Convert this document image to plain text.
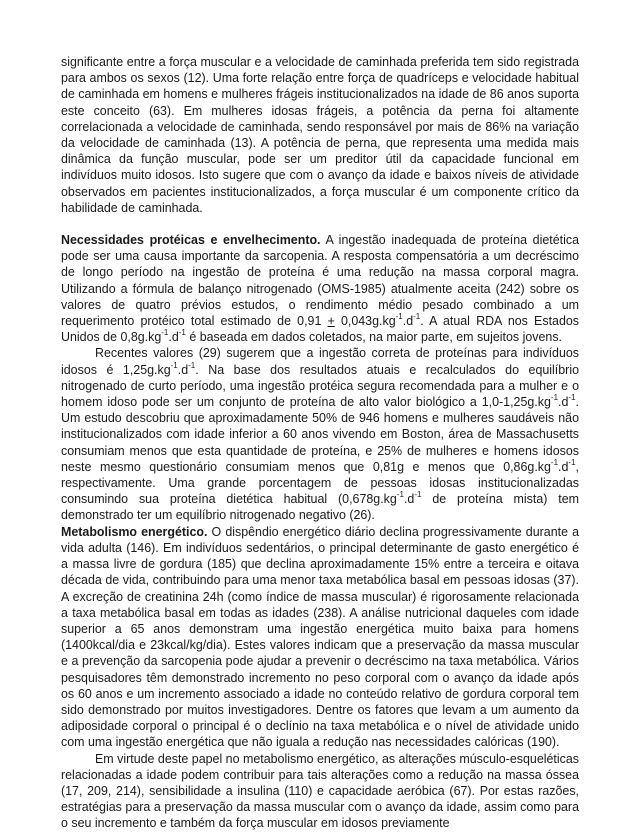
significante entre a força muscular e a velocidade de caminhada preferida tem sido registrada para ambos os sexos (12). Uma forte relação entre força de quadríceps e velocidade habitual de caminhada em homens e mulheres frágeis institucionalizados na idade de 86 anos suporta este conceito (63). Em mulheres idosas frágeis, a potência da perna foi altamente correlacionada a velocidade de caminhada, sendo responsável por mais de 86% na variação da velocidade de caminhada (13). A potência de perna, que representa uma medida mais dinâmica da função muscular, pode ser um preditor útil da capacidade funcional em indivíduos muito idosos. Isto sugere que com o avanço da idade e baixos níveis de atividade observados em pacientes institucionalizados, a força muscular é um componente crítico da habilidade de caminhada.

Necessidades protéicas e envelhecimento. A ingestão inadequada de proteína dietética pode ser uma causa importante da sarcopenia. A resposta compensatória a um decréscimo de longo período na ingestão de proteína é uma redução na massa corporal magra. Utilizando a fórmula de balanço nitrogenado (OMS-1985) atualmente aceita (242) sobre os valores de quatro prévios estudos, o rendimento médio pesado combinado a um requerimento protéico total estimado de $0,91 + 0,043g.kg^{-1}.d^{-1}$. A atual RDA nos Estados Unidos de $0,8g.kg^{-1}.d^{-1}$ é baseada em dados coletados, na maior parte, em sujeitos jovens.

Recentes valores (29) sugerem que a ingestão correta de proteínas para indivíduos idosos é $1,25g.kg^{-1}.d^{-1}$. Na base dos resultados atuais e recalculados do equilíbrio nitrogenado de curto período, uma ingestão protéica segura recomendada para a mulher e o homem idoso pode ser um conjunto de proteína de alto valor biológico a $1,0-1,25g.kg^{-1}.d^{-1}$. Um estudo descobriu que aproximadamente 50% de 946 homens e mulheres saudáveis não institucionalizados com idade inferior a 60 anos vivendo em Boston, área de Massachusetts consumiam menos que esta quantidade de proteína, e 25% de mulheres e homens idosos neste mesmo questionário consumiam menos que 0,81g e menos que $0,86g.kg^{-1}.d^{-1}$, respectivamente. Uma grande porcentagem de pessoas idosas institucionalizadas consumindo sua proteína dietética habitual ($0,678g.kg^{-1}.d^{-1}$ de proteína mista) tem demonstrado ter um equilíbrio nitrogenado negativo (26).

Metabolismo energético. O dispêndio energético diário declina progressivamente durante a vida adulta (146). Em indivíduos sedentários, o principal determinante de gasto energético é a massa livre de gordura (185) que declina aproximadamente 15% entre a terceira e oitava década de vida, contribuindo para uma menor taxa metabólica basal em pessoas idosas (37). A excreção de creatinina 24h (como índice de massa muscular) é rigorosamente relacionada a taxa metabólica basal em todas as idades (238). A análise nutricional daqueles com idade superior a 65 anos demonstram uma ingestão energética muito baixa para homens (1400kcal/dia e 23kcal/kg/dia). Estes valores indicam que a preservação da massa muscular e a prevenção da sarcopenia pode ajudar a prevenir o decréscimo na taxa metabólica. Vários pesquisadores têm demonstrado incremento no peso corporal com o avanço da idade após os 60 anos e um incremento associado a idade no conteúdo relativo de gordura corporal tem sido demonstrado por muitos investigadores. Dentre os fatores que levam a um aumento da adiposidade corporal o principal é o declínio na taxa metabólica e o nível de atividade unido com uma ingestão energética que não iguala a redução nas necessidades calóricas (190).

Em virtude deste papel no metabolismo energético, as alterações músculo-esqueléticas relacionadas a idade podem contribuir para tais alterações como a redução na massa óssea (17, 209, 214), sensibilidade a insulina (110) e capacidade aeróbica (67). Por estas razões, estratégias para a preservação da massa muscular com o avanço da idade, assim como para o seu incremento e também da força muscular em idosos previamente
